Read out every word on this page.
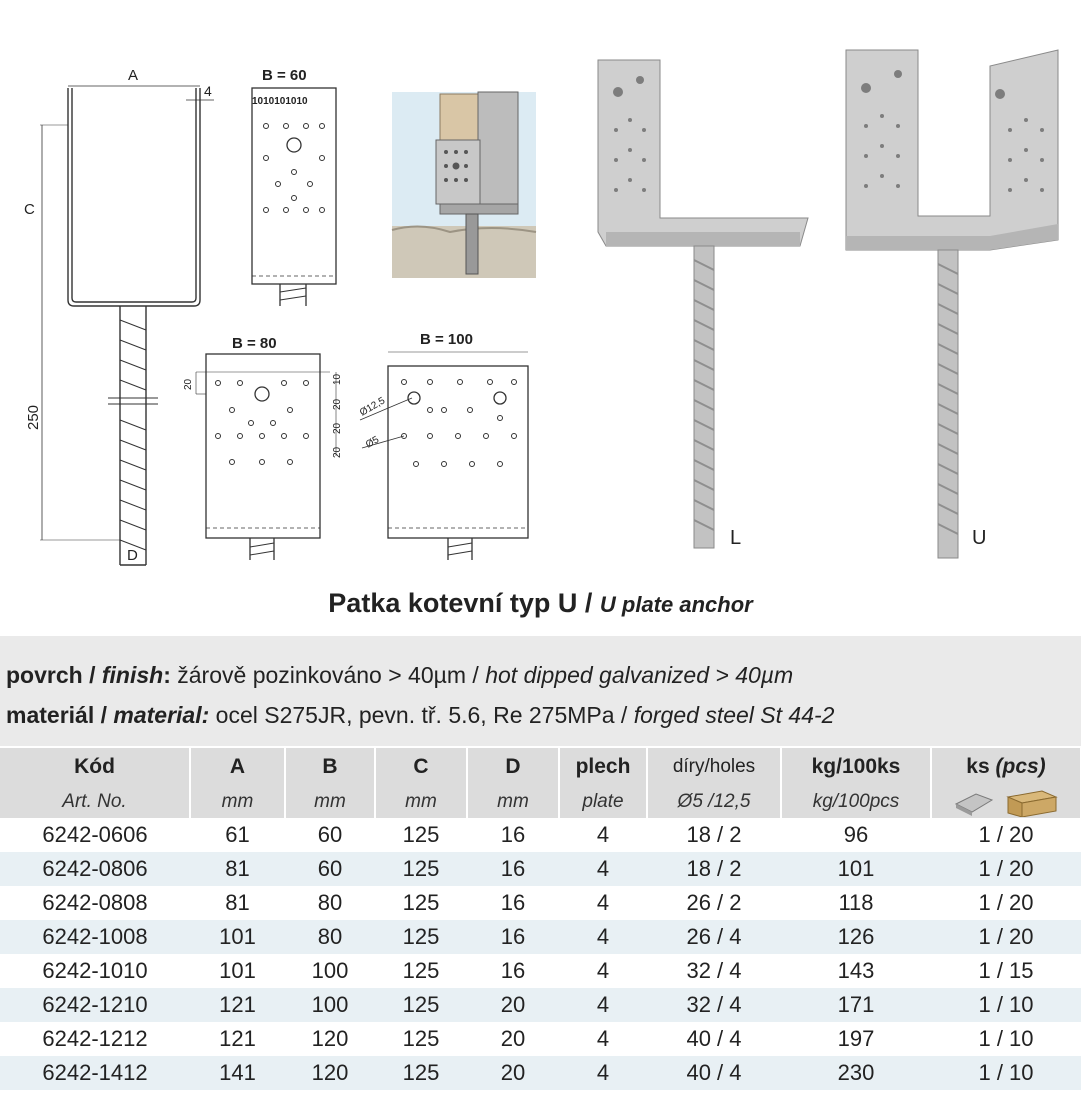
A
4
C
250
D
B = 60
1010101010
B = 80
20	10
20
20
20
B = 100
Ø12,5
Ø5
L	U
Patka kotevní typ U / U plate anchor
povrch / finish: žárově pozinkováno > 40µm / hot dipped galvanized > 40µm
materiál / material: ocel S275JR, pevn. tř. 5.6, Re 275MPa / forged steel St 44-2
Kód	A	B	C	D	plech	díry/holes	kg/100ks	ks (pcs)
Art. No.	mm	mm	mm	mm	plate	Ø5 /12,5	kg/100pcs	
6242-0606	61	60	125	16	4	18 / 2	96	1 / 20
6242-0806	81	60	125	16	4	18 / 2	101	1 / 20
6242-0808	81	80	125	16	4	26 / 2	118	1 / 20
6242-1008	101	80	125	16	4	26 / 4	126	1 / 20
6242-1010	101	100	125	16	4	32 / 4	143	1 / 15
6242-1210	121	100	125	20	4	32 / 4	171	1 / 10
6242-1212	121	120	125	20	4	40 / 4	197	1 / 10
6242-1412	141	120	125	20	4	40 / 4	230	1 / 10
